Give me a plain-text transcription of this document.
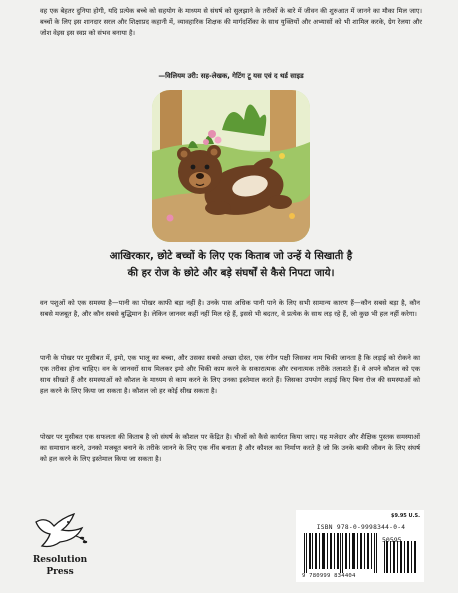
वह एक बेहतर दुनिया होगी, यदि प्रत्येक बच्चे को सहयोग के माध्यम से संघर्ष को सुलझाने के तरीकों के बारे में जीवन की शुरुआत में जानने का मौका मिल जाए। बच्चों के लिए इस शानदार सरल और शिक्षाप्रद कहानी में, व्यावहारिक शिक्षक की मार्गदर्शिका के साथ युक्तियों और अभ्यासों को भी शामिल करके, ग्रेग रेलया और जोश वेइस इस स्वप्न को संभव बनाया है।
—विलियम उरी: सह-लेखक, गेटिंग टू यस एवं द थर्ड साइड
आखिरकार, छोटे बच्चों के लिए एक किताब जो उन्हें ये सिखाती है
की हर रोज के छोटे और बड़े संघर्षों से कैसे निपटा जाये।
वन पशुओं को एक समस्या है—पानी का पोखर काफी बड़ा नहीं है। उनके पास अधिक पानी पाने के लिए सभी सामान्य कारण हैं—कौन सबसे बड़ा है, कौन सबसे मजबूत है, और कौन सबसे बुद्धिमान है। लेकिन जानवर कहीं नहीं मिल रहे हैं, इससे भी बदतर, वे प्रत्येक के साथ लड़ रहे हैं, जो कुछ भी हल नहीं करेगा।
पानी के पोखर पर मुसीबत में, इमो, एक भालू का बच्चा, और उसका सबसे अच्छा दोस्त, एक रंगीन पक्षी जिसका नाम चिकी जानता है कि लड़ाई को रोकने का एक तरीका होना चाहिए। वन के जानवरों साथ मिलकर इमो और चिकी काम करने के सकारात्मक और रचनात्मक तरीके तलाशते हैं। वे अपने कौशल को एक साथ सीखते हैं और समस्याओं को कौशल के माध्यम से काम करने के लिए उनका इस्तेमाल करते हैं। जिसका उपयोग लड़ाई किए बिना रोज की समस्याओं को हल करने के लिए किया जा सकता है। कौशल जो हर कोई सीख सकता है।
पोखर पर मुसीबत एक सफलता की किताब है जो संघर्ष के कौशल पर केंद्रित है। चीजों को कैसे कार्यरत किया जाए। यह मजेदार और शैक्षिक पुस्तक समस्याओं का समाधान करने, उनको मजबूत बनाने के तरीके जानने के लिए एक नींव बनाता है और कौशल का निर्माण करते है जो कि उनके बाकी जीवन के लिए संघर्ष को हल करने के लिए इस्तेमाल किया जा सकता है।
Resolution
Press
$9.95 U.S.
ISBN 978-0-9998344-0-4
50595
9 780999 834404
